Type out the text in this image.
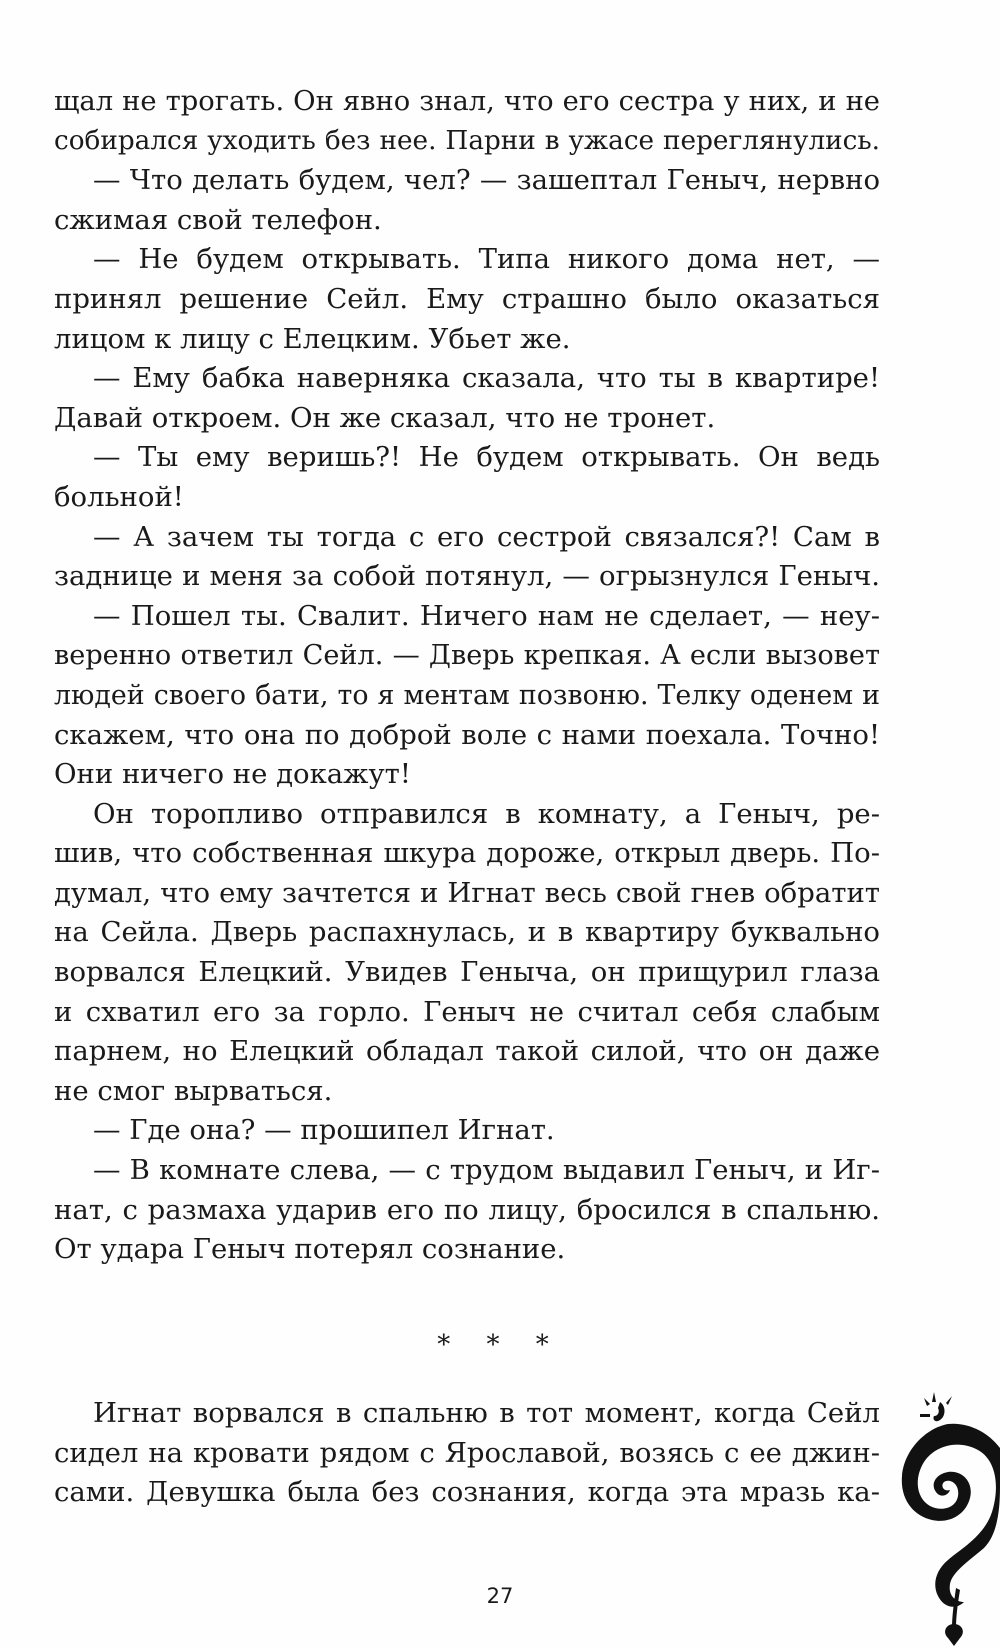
щал не трогать. Он явно знал, что его сестра у них, и не
собирался уходить без нее. Парни в ужасе переглянулись.
— Что делать будем, чел? — зашептал Геныч, нервно
сжимая свой телефон.
— Не будем открывать. Типа никого дома нет, —
принял решение Сейл. Ему страшно было оказаться
лицом к лицу с Елецким. Убьет же.
— Ему бабка наверняка сказала, что ты в квартире!
Давай откроем. Он же сказал, что не тронет.
— Ты ему веришь?! Не будем открывать. Он ведь
больной!
— А зачем ты тогда с его сестрой связался?! Сам в
заднице и меня за собой потянул, — огрызнулся Геныч.
— Пошел ты. Свалит. Ничего нам не сделает, — неу-
веренно ответил Сейл. — Дверь крепкая. А если вызовет
людей своего бати, то я ментам позвоню. Телку оденем и
скажем, что она по доброй воле с нами поехала. Точно!
Они ничего не докажут!
Он торопливо отправился в комнату, а Геныч, ре-
шив, что собственная шкура дороже, открыл дверь. По-
думал, что ему зачтется и Игнат весь свой гнев обратит
на Сейла. Дверь распахнулась, и в квартиру буквально
ворвался Елецкий. Увидев Геныча, он прищурил глаза
и схватил его за горло. Геныч не считал себя слабым
парнем, но Елецкий обладал такой силой, что он даже
не смог вырваться.
— Где она? — прошипел Игнат.
— В комнате слева, — с трудом выдавил Геныч, и Иг-
нат, с размаха ударив его по лицу, бросился в спальню.
От удара Геныч потерял сознание.
* * *
Игнат ворвался в спальню в тот момент, когда Сейл
сидел на кровати рядом с Ярославой, возясь с ее джин-
сами. Девушка была без сознания, когда эта мразь ка-
27
